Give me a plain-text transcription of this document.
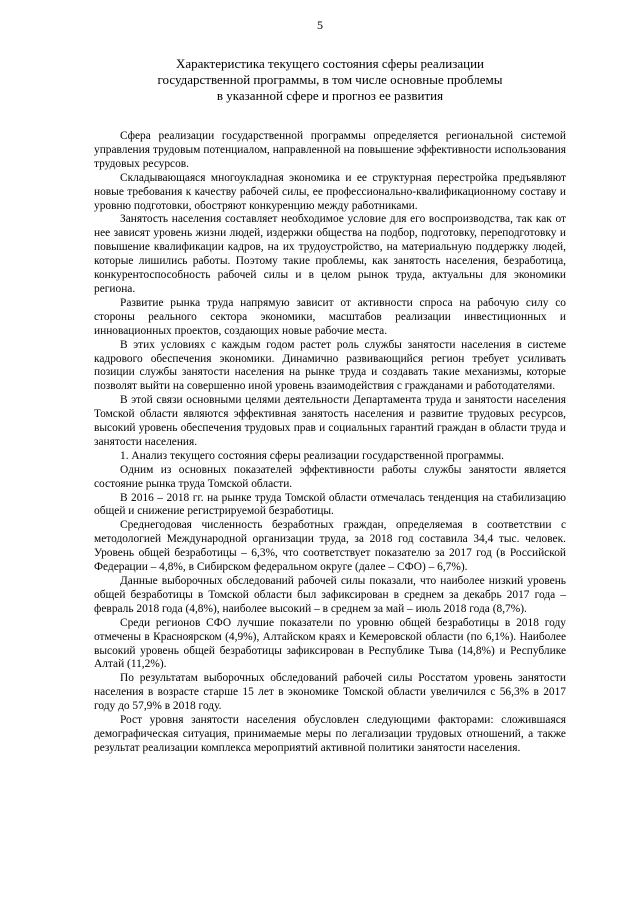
5
Характеристика текущего состояния сферы реализации
государственной программы, в том числе основные проблемы
в указанной сфере и прогноз ее развития

Сфера реализации государственной программы определяется региональной системой управления трудовым потенциалом, направленной на повышение эффективности использования трудовых ресурсов.

Складывающаяся многоукладная экономика и ее структурная перестройка предъявляют новые требования к качеству рабочей силы, ее профессионально-квалификационному составу и уровню подготовки, обостряют конкуренцию между работниками.

Занятость населения составляет необходимое условие для его воспроизводства, так как от нее зависят уровень жизни людей, издержки общества на подбор, подготовку, переподготовку и повышение квалификации кадров, на их трудоустройство, на материальную поддержку людей, которые лишились работы. Поэтому такие проблемы, как занятость населения, безработица, конкурентоспособность рабочей силы и в целом рынок труда, актуальны для экономики региона.

Развитие рынка труда напрямую зависит от активности спроса на рабочую силу со стороны реального сектора экономики, масштабов реализации инвестиционных и инновационных проектов, создающих новые рабочие места.

В этих условиях с каждым годом растет роль службы занятости населения в системе кадрового обеспечения экономики. Динамично развивающийся регион требует усиливать позиции службы занятости населения на рынке труда и создавать такие механизмы, которые позволят выйти на совершенно иной уровень взаимодействия с гражданами и работодателями.

В этой связи основными целями деятельности Департамента труда и занятости населения Томской области являются эффективная занятость населения и развитие трудовых ресурсов, высокий уровень обеспечения трудовых прав и социальных гарантий граждан в области труда и занятости населения.

1. Анализ текущего состояния сферы реализации государственной программы.

Одним из основных показателей эффективности работы службы занятости является состояние рынка труда Томской области.

В 2016 – 2018 гг. на рынке труда Томской области отмечалась тенденция на стабилизацию общей и снижение регистрируемой безработицы.

Среднегодовая численность безработных граждан, определяемая в соответствии с методологией Международной организации труда, за 2018 год составила 34,4 тыс. человек. Уровень общей безработицы – 6,3%, что соответствует показателю за 2017 год (в Российской Федерации – 4,8%, в Сибирском федеральном округе (далее – СФО) – 6,7%).

Данные выборочных обследований рабочей силы показали, что наиболее низкий уровень общей безработицы в Томской области был зафиксирован в среднем за декабрь 2017 года – февраль 2018 года (4,8%), наиболее высокий – в среднем за май – июль 2018 года (8,7%).

Среди регионов СФО лучшие показатели по уровню общей безработицы в 2018 году отмечены в Красноярском (4,9%), Алтайском краях и Кемеровской области (по 6,1%). Наиболее высокий уровень общей безработицы зафиксирован в Республике Тыва (14,8%) и Республике Алтай (11,2%).

По результатам выборочных обследований рабочей силы Росстатом уровень занятости населения в возрасте старше 15 лет в экономике Томской области увеличился с 56,3% в 2017 году до 57,9% в 2018 году.

Рост уровня занятости населения обусловлен следующими факторами: сложившаяся демографическая ситуация, принимаемые меры по легализации трудовых отношений, а также результат реализации комплекса мероприятий активной политики занятости населения.
